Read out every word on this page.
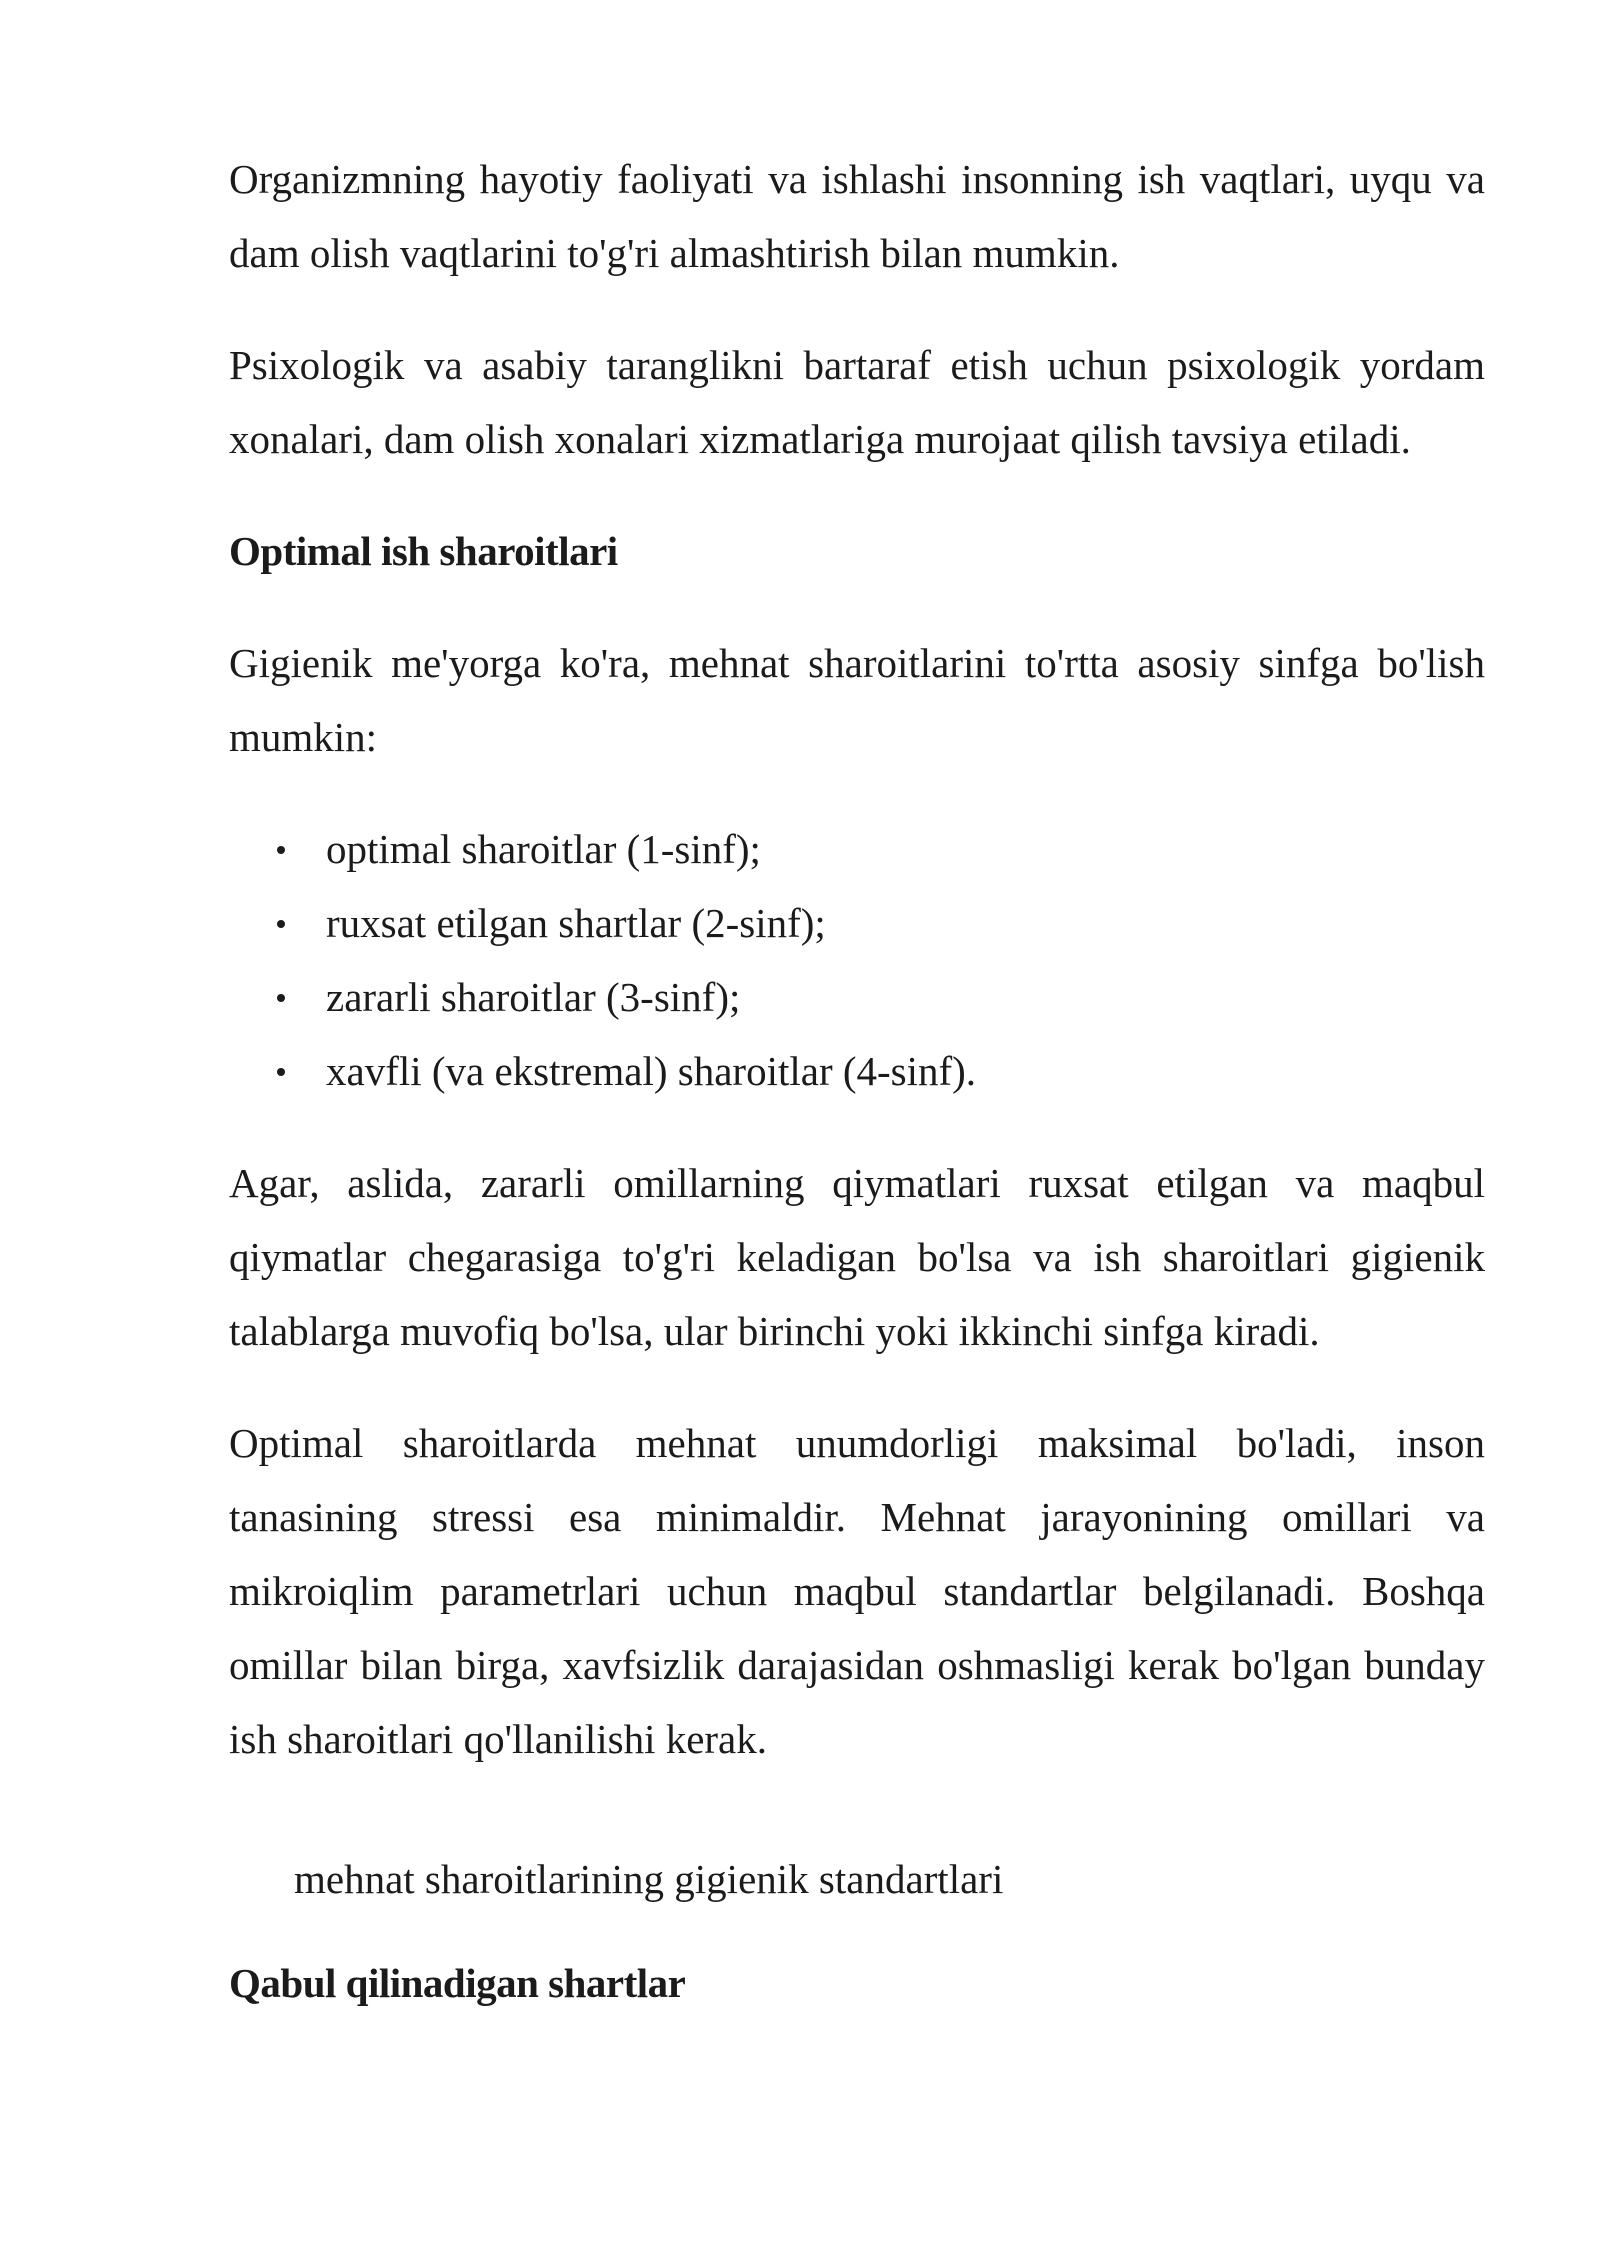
Organizmning hayotiy faoliyati va ishlashi insonning ish vaqtlari, uyqu va dam olish vaqtlarini to'g'ri almashtirish bilan mumkin.

Psixologik va asabiy taranglikni bartaraf etish uchun psixologik yordam xonalari, dam olish xonalari xizmatlariga murojaat qilish tavsiya etiladi.

Optimal ish sharoitlari

Gigienik me'yorga ko'ra, mehnat sharoitlarini to'rtta asosiy sinfga bo'lish mumkin:

optimal sharoitlar (1-sinf);
ruxsat etilgan shartlar (2-sinf);
zararli sharoitlar (3-sinf);
xavfli (va ekstremal) sharoitlar (4-sinf).

Agar, aslida, zararli omillarning qiymatlari ruxsat etilgan va maqbul qiymatlar chegarasiga to'g'ri keladigan bo'lsa va ish sharoitlari gigienik talablarga muvofiq bo'lsa, ular birinchi yoki ikkinchi sinfga kiradi.

Optimal sharoitlarda mehnat unumdorligi maksimal bo'ladi, inson tanasining stressi esa minimaldir. Mehnat jarayonining omillari va mikroiqlim parametrlari uchun maqbul standartlar belgilanadi. Boshqa omillar bilan birga, xavfsizlik darajasidan oshmasligi kerak bo'lgan bunday ish sharoitlari qo'llanilishi kerak.

mehnat sharoitlarining gigienik standartlari
Qabul qilinadigan shartlar
